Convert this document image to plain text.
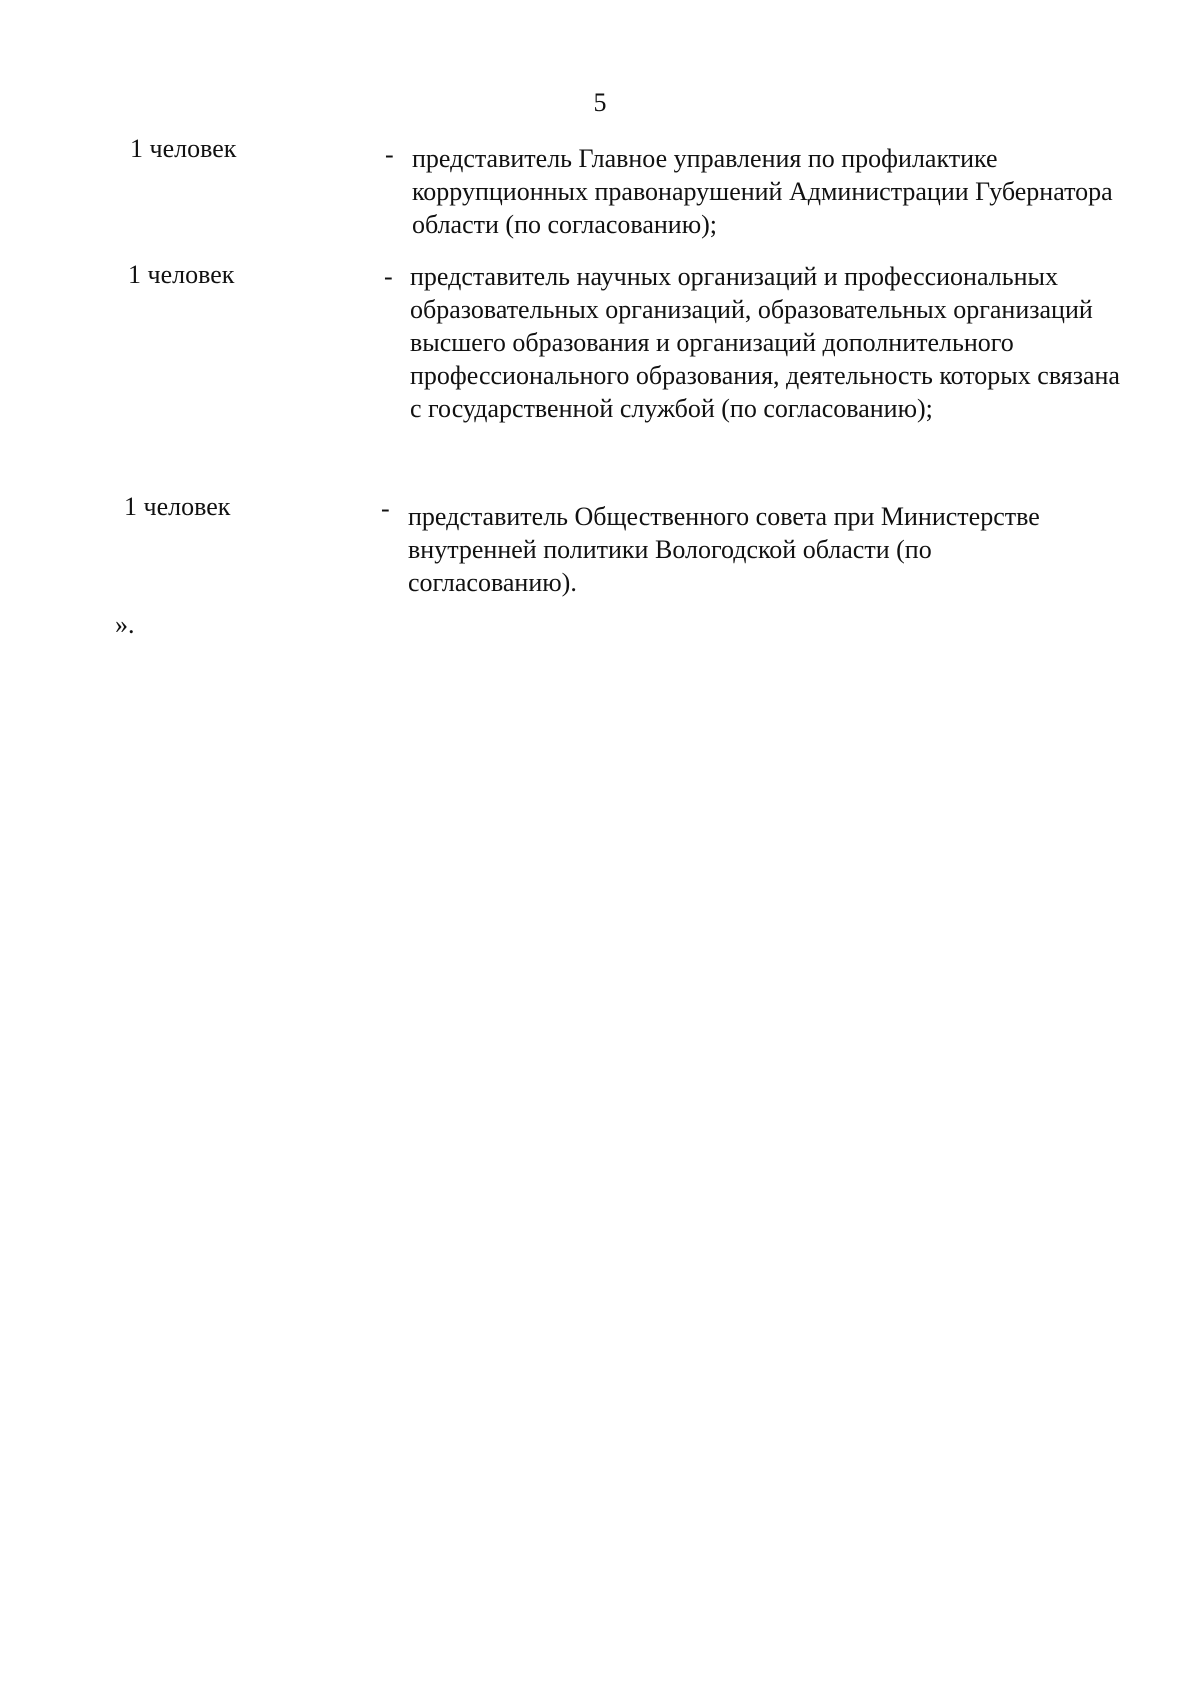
5
1 человек	- представитель Главное управления по профилактике коррупционных правонарушений Администрации Губернатора области (по согласованию);
1 человек	- представитель научных организаций и профессиональных образовательных организаций, образовательных организаций высшего образования и организаций дополнительного профессионального образования, деятельность которых связана с государственной службой (по согласованию);
1 человек	- представитель Общественного совета при Министерстве внутренней политики Вологодской области (по согласованию).
».
